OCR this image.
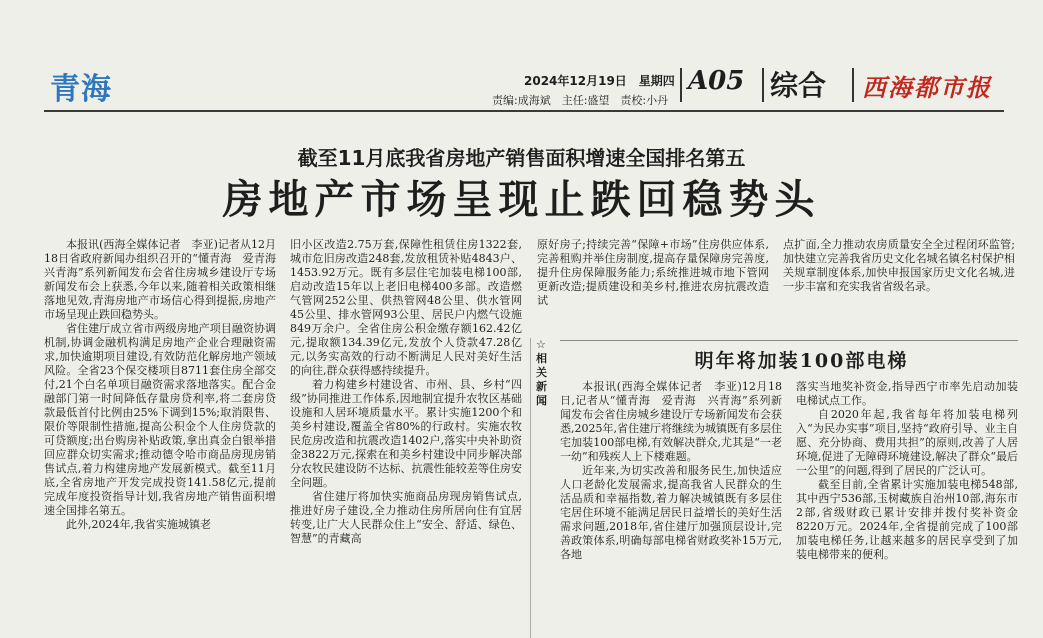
青海	2024年12月19日　星期四
责编:成海斌　主任:盛望　责校:小丹
A05 综合 西海都市报
截至11月底我省房地产销售面积增速全国排名第五
房地产市场呈现止跌回稳势头

本报讯(西海全媒体记者　李亚)记者从12月18日省政府新闻办组织召开的“懂青海　爱青海　兴青海”系列新闻发布会省住房城乡建设厅专场新闻发布会上获悉,今年以来,随着相关政策相继落地见效,青海房地产市场信心得到提振,房地产市场呈现止跌回稳势头。

省住建厅成立省市两级房地产项目融资协调机制,协调金融机构满足房地产企业合理融资需求,加快逾期项目建设,有效防范化解房地产领域风险。全省23个保交楼项目8711套住房全部交付,21个白名单项目融资需求落地落实。配合金融部门第一时间降低存量房贷利率,将二套房贷款最低首付比例由25%下调到15%;取消限售、限价等限制性措施,提高公积金个人住房贷款的可贷额度;出台购房补贴政策,拿出真金白银举措回应群众切实需求;推动德令哈市商品房现房销售试点,着力构建房地产发展新模式。截至11月底,全省房地产开发完成投资141.58亿元,提前完成年度投资指导计划,我省房地产销售面积增速全国排名第五。

此外,2024年,我省实施城镇老

旧小区改造2.75万套,保障性租赁住房1322套,城市危旧房改造248套,发放租赁补贴4843户、1453.92万元。既有多层住宅加装电梯100部,启动改造15年以上老旧电梯400多部。改造燃气管网252公里、供热管网48公里、供水管网45公里、排水管网93公里、居民户内燃气设施849万余户。全省住房公积金缴存额162.42亿元,提取额134.39亿元,发放个人贷款47.28亿元,以务实高效的行动不断满足人民对美好生活的向往,群众获得感持续提升。

着力构建乡村建设省、市州、县、乡村“四级”协同推进工作体系,因地制宜提升农牧区基础设施和人居环境质量水平。累计实施1200个和美乡村建设,覆盖全省80%的行政村。实施农牧民危房改造和抗震改造1402户,落实中央补助资金3822万元,探索在和美乡村建设中同步解决部分农牧民建设防不达标、抗震性能较差等住房安全问题。

省住建厅将加快实施商品房现房销售试点,推进好房子建设,全力推动住房所居向住有宜居转变,让广大人民群众住上“安全、舒适、绿色、智慧”的青藏高

原好房子;持续完善“保障+市场”住房供应体系,完善租购并举住房制度,提高存量保障房完善度,提升住房保障服务能力;系统推进城市地下管网更新改造;提质建设和美乡村,推进农房抗震改造试

点扩面,全力推动农房质量安全全过程闭环监管;加快建立完善我省历史文化名城名镇名村保护相关规章制度体系,加快申报国家历史文化名城,进一步丰富和充实我省省级名录。

☆相关新闻
明年将加装100部电梯

本报讯(西海全媒体记者　李亚)12月18日,记者从“懂青海　爱青海　兴青海”系列新闻发布会省住房城乡建设厅专场新闻发布会获悉,2025年,省住建厅将继续为城镇既有多层住宅加装100部电梯,有效解决群众,尤其是“一老一幼”和残疾人上下楼难题。

近年来,为切实改善和服务民生,加快适应人口老龄化发展需求,提高我省人民群众的生活品质和幸福指数,着力解决城镇既有多层住宅居住环境不能满足居民日益增长的美好生活需求问题,2018年,省住建厅加强顶层设计,完善政策体系,明确每部电梯省财政奖补15万元,各地

落实当地奖补资金,指导西宁市率先启动加装电梯试点工作。

自2020年起,我省每年将加装电梯列入“为民办实事”项目,坚持“政府引导、业主自愿、充分协商、费用共担”的原则,改善了人居环境,促进了无障碍环境建设,解决了群众“最后一公里”的问题,得到了居民的广泛认可。

截至目前,全省累计实施加装电梯548部,其中西宁536部,玉树藏族自治州10部,海东市2部,省级财政已累计安排并拨付奖补资金8220万元。2024年,全省提前完成了100部加装电梯任务,让越来越多的居民享受到了加装电梯带来的便利。
